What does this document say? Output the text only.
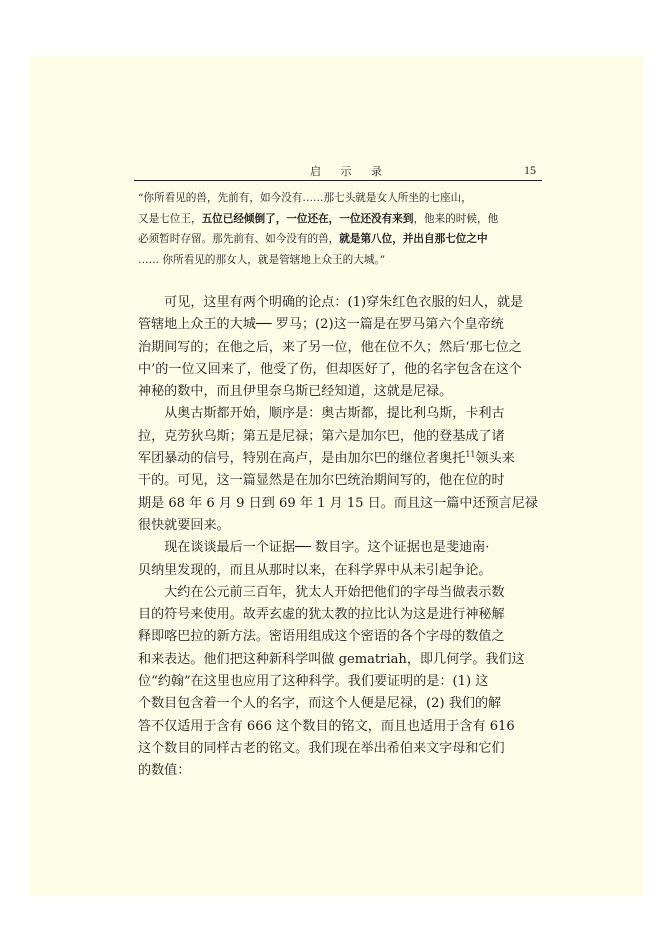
启 示 录	15
“你所看见的兽，先前有，如今没有……那七头就是女人所坐的七座山，
又是七位王，五位已经倾倒了，一位还在，一位还没有来到，他来的时候，他
必须暂时存留。那先前有、如今没有的兽，就是第八位，并出自那七位之中
…… 你所看见的那女人，就是管辖地上众王的大城。”
　　可见，这里有两个明确的论点：(1)穿朱红色衣服的妇人，就是
管辖地上众王的大城── 罗马；(2)这一篇是在罗马第六个皇帝统
治期间写的；在他之后，来了另一位，他在位不久；然后‘那七位之
中’的一位又回来了，他受了伤，但却医好了，他的名字包含在这个
神秘的数中，而且伊里奈乌斯已经知道，这就是尼禄。
　　从奥古斯都开始，顺序是：奥古斯都，提比利乌斯，卡利古
拉，克劳狄乌斯；第五是尼禄；第六是加尔巴，他的登基成了诸
军团暴动的信号，特别在高卢，是由加尔巴的继位者奥托$^{11}$领头来
干的。可见，这一篇显然是在加尔巴统治期间写的，他在位的时
期是 68 年 6 月 9 日到 69 年 1 月 15 日。而且这一篇中还预言尼禄
很快就要回来。
　　现在谈谈最后一个证据── 数目字。这个证据也是斐迪南·
贝纳里发现的，而且从那时以来，在科学界中从未引起争论。
　　大约在公元前三百年，犹太人开始把他们的字母当做表示数
目的符号来使用。故弄玄虚的犹太教的拉比认为这是进行神秘解
释即喀巴拉的新方法。密语用组成这个密语的各个字母的数值之
和来表达。他们把这种新科学叫做 gematriah，即几何学。我们这
位“约翰”在这里也应用了这种科学。我们要证明的是：(1) 这
个数目包含着一个人的名字，而这个人便是尼禄，(2) 我们的解
答不仅适用于含有 666 这个数目的铭文，而且也适用于含有 616
这个数目的同样古老的铭文。我们现在举出希伯来文字母和它们
的数值：
